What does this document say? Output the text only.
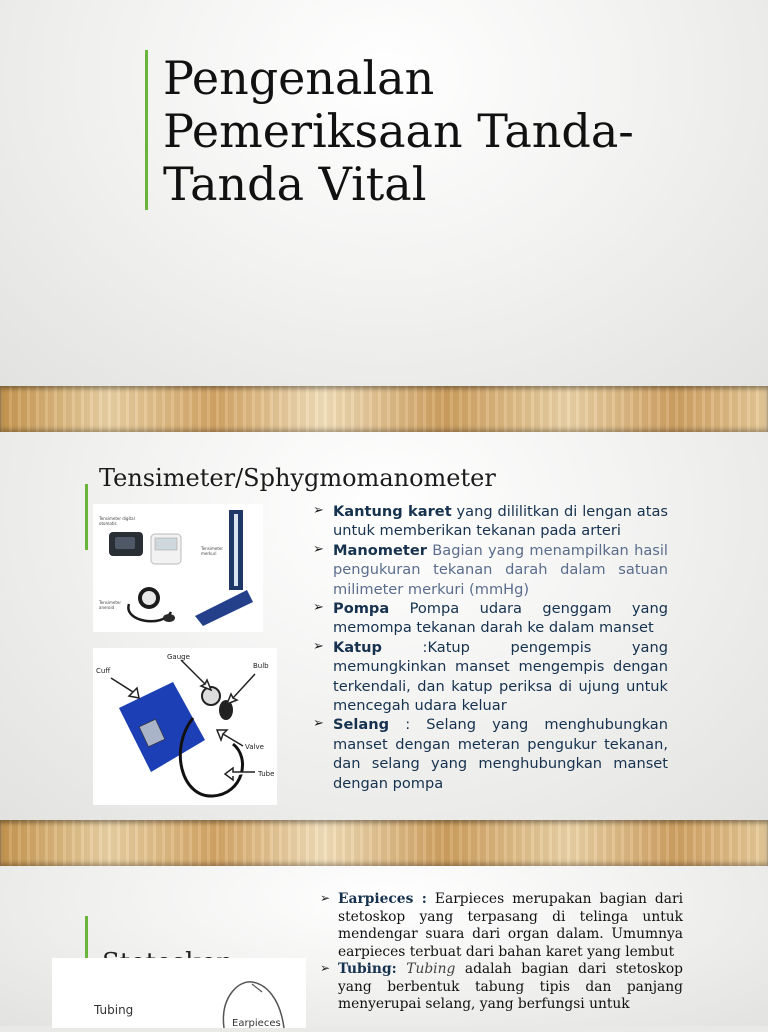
Pengenalan
Pemeriksaan Tanda-
Tanda Vital
Tensimeter/Sphygmomanometer
Tensimeter digital
otomatis
Tensimeter
merkuri
Tensimeter
aneroid
Gauge
Bulb
Cuff
Valve
Tube
➢ Kantung karet yang dililitkan di lengan atas untuk memberikan tekanan pada arteri
➢ Manometer Bagian yang menampilkan hasil pengukuran tekanan darah dalam satuan milimeter merkuri (mmHg)
➢ Pompa Pompa udara genggam yang memompa tekanan darah ke dalam manset
➢ Katup :Katup pengempis yang memungkinkan manset mengempis dengan terkendali, dan katup periksa di ujung untuk mencegah udara keluar
➢ Selang : Selang yang menghubungkan manset dengan meteran pengukur tekanan, dan selang yang menghubungkan manset dengan pompa
Tubing
Earpieces
➢ Earpieces : Earpieces merupakan bagian dari stetoskop yang terpasang di telinga untuk mendengar suara dari organ dalam. Umumnya earpieces terbuat dari bahan karet yang lembut
➢ Tubing: Tubing adalah bagian dari stetoskop yang berbentuk tabung tipis dan panjang menyerupai selang, yang berfungsi untuk
